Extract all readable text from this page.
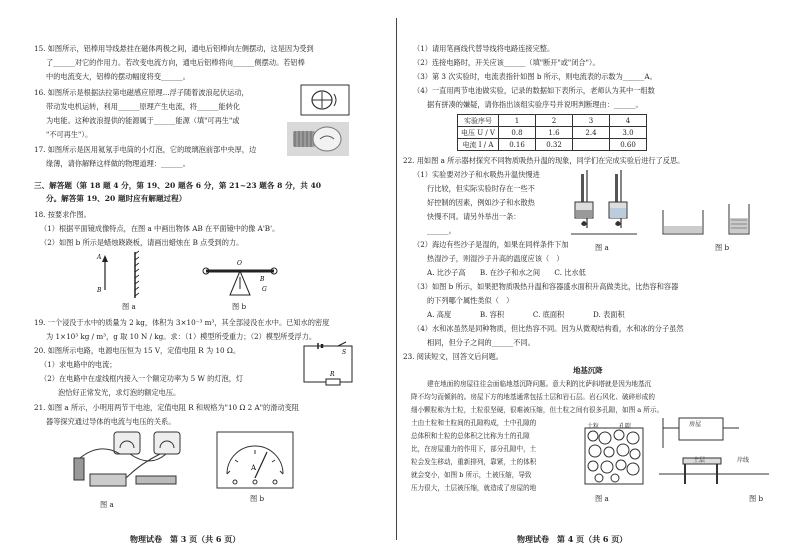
15. 如图所示，铝棒用导线悬挂在磁体两极之间，通电后铝棒向左侧摆动，这是因为受到
了______对它的作用力。若改变电流方向，通电后铝棒将向______侧摆动。若铝棒
中的电流变大，铝棒的摆动幅度将变______。
16. 如图所示是根据法拉第电磁感应原理...浮子随着波浪起伏运动，
带动发电机运转，利用______原理产生电流，将______能转化
为电能。这种波浪提供的能源属于______能源（填"可再生"或
"不可再生"）。
17. 如图所示是医用氦氖手电筒的小灯泡，它的玻璃泡前部中央厚，边
缘薄，请你解释这样做的物理道理：______。
三、解答题（第 18 题 4 分，第 19、20 题各 6 分，第 21~23 题各 8 分，共 40
分。解答第 19、20 题时应有解题过程）
18. 按要求作图。
（1）根据平面镜成像特点，在图 a 中画出物体 AB 在平面镜中的像 A'B'。
（2）如图 b 所示是蜡烛跷跷板，请画出蜡烛在 B 点受到的力。
A
B
图 a
O
B
G
图 b
19. 一个浸没于水中的质量为 2 kg，体积为 3×10⁻³ m³，其全部浸没在水中。已知水的密度
为 1×10³ kg / m³，g 取 10 N / kg。求：（1）模型所受重力；（2）模型所受浮力。
20. 如图所示电路，电源电压恒为 15 V，定值电阻 R 为 10 Ω。
（1）求电路中的电流；
（2）在电路中在虚线框内接入一个额定功率为 5 W 的灯泡，灯
泡恰好正常发光，求灯泡的额定电压。
S
R
21. 如图 a 所示，小明用两节干电池，定值电阻 R 和规格为"10 Ω 2 A"的滑动变阻
器等探究通过导体的电流与电压的关系。
图 a
A
图 b
物理试卷　第 3 页（共 6 页）
（1）请用笔画线代替导线将电路连接完整。
（2）连接电路时，开关应该______（填"断开"或"闭合"）。
（3）第 3 次实验时，电流表指针如图 b 所示，则电流表的示数为______A。
（4）一直用两节电池做实验，记录的数据如下表所示，老师认为其中一组数
据有拼凑的嫌疑，请你指出该组实验序号并说明判断理由：______。
实验序号	1	2	3	4
电压 U / V	0.8	1.6	2.4	3.0
电流 I / A	0.16	0.32		0.60
22. 用如图 a 所示器材探究不同物质吸热升温的现象，同学们在完成实验后进行了反思。
（1）实验要对沙子和水吸热升温快慢进
行比较，但实际实验时存在一些不
好控制的因素，例如沙子和水散热
快慢不同。请另外举出一条：
______。
（2）海边有些沙子是湿的，如果在同样条件下加
热湿沙子，则湿沙子升高的温度应该（　）
A. 比沙子高　　B. 在沙子和水之间　　C. 比水低
（3）如图 b 所示，如果把物质吸热升温和容器盛水面积升高做类比，比热容和容器
的下列哪个属性类似（　）
A. 高度　　　　B. 容积　　　　C. 底面积　　　　D. 表面积
（4）水和冰虽然是同种物质，但比热容不同。因为从微观结构看，水和冰的分子虽然
相同，但分子之间的______不同。
图 a	图 b
23. 阅读短文，回答文后问题。
地基沉降
建在地面的房屋往往会面临地基沉降问题。意大利的比萨斜塔就是因为地基沉
降不均匀而倾斜的。房屋下方的地基通常包括土层和岩石层。岩石风化、破碎形成的
细小颗粒称为土粒，土粒很坚硬，很难被压缩，但土粒之间有很多孔隙，如图 a 所示。
土由土粒和土粒间的孔隙构成，土中孔隙的
总体积和土粒的总体积之比称为土的孔隙
比，在房屋重力的作用下，部分孔隙中，土
粒会发生移动，重新排列，靠紧，土的体积
就会变小，如图 b 所示，土被压缩，导致
压力很大，土层被压缩，就造成了房屋的地
土粒	孔隙
图 a
房屋
土层	岸线
图 b
物理试卷　第 4 页（共 6 页）
